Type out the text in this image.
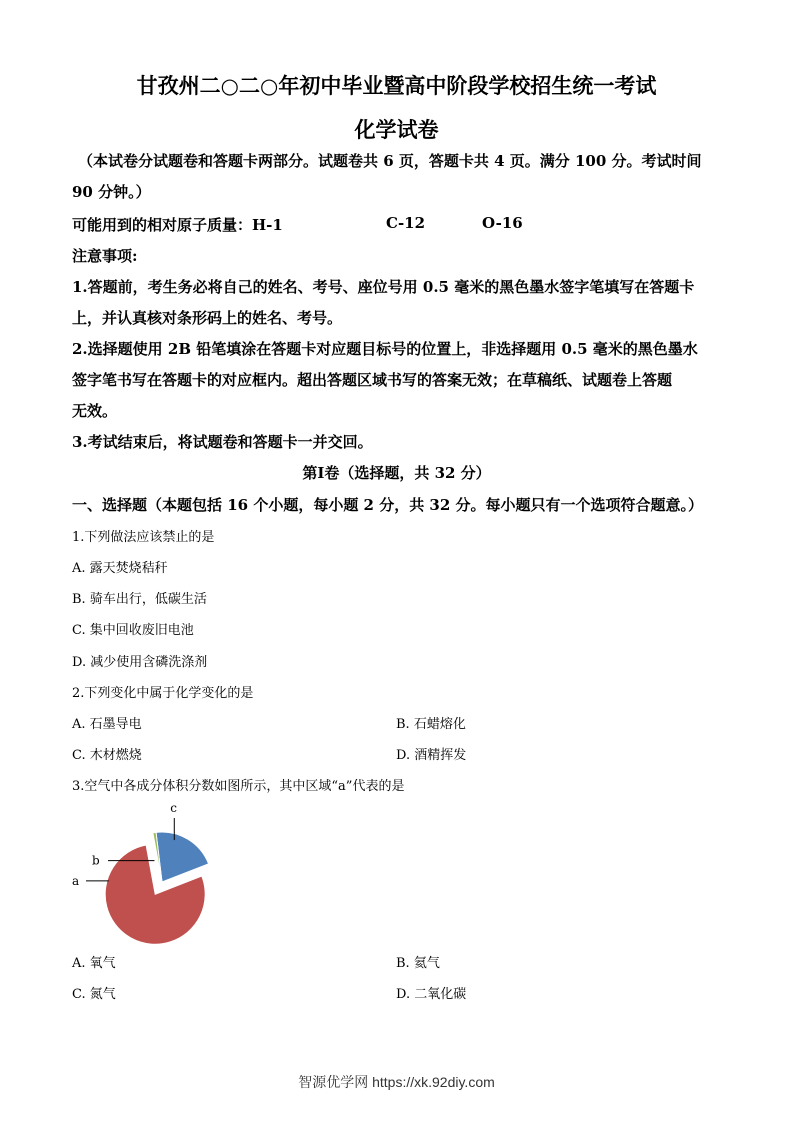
甘孜州二○二○年初中毕业暨高中阶段学校招生统一考试
化学试卷
（本试卷分试题卷和答题卡两部分。试题卷共 6 页，答题卡共 4 页。满分 100 分。考试时间
90 分钟。）
可能用到的相对原子质量：H-1	C-12	O-16
注意事项:
1.答题前，考生务必将自己的姓名、考号、座位号用 0.5 毫米的黑色墨水签字笔填写在答题卡
上，并认真核对条形码上的姓名、考号。
2.选择题使用 2B 铅笔填涂在答题卡对应题目标号的位置上，非选择题用 0.5 毫米的黑色墨水
签字笔书写在答题卡的对应框内。超出答题区域书写的答案无效；在草稿纸、试题卷上答题
无效。
3.考试结束后，将试题卷和答题卡一并交回。
第Ⅰ卷（选择题，共 32 分）
一、选择题（本题包括 16 个小题，每小题 2 分，共 32 分。每小题只有一个选项符合题意。）
1.下列做法应该禁止的是
A. 露天焚烧秸秆
B. 骑车出行，低碳生活
C. 集中回收废旧电池
D. 减少使用含磷洗涤剂
2.下列变化中属于化学变化的是
A. 石墨导电	B. 石蜡熔化
C. 木材燃烧	D. 酒精挥发
3.空气中各成分体积分数如图所示，其中区域“a”代表的是
a
b
c
A. 氧气	B. 氦气
C. 氮气	D. 二氧化碳
智源优学网 https://xk.92diy.com
